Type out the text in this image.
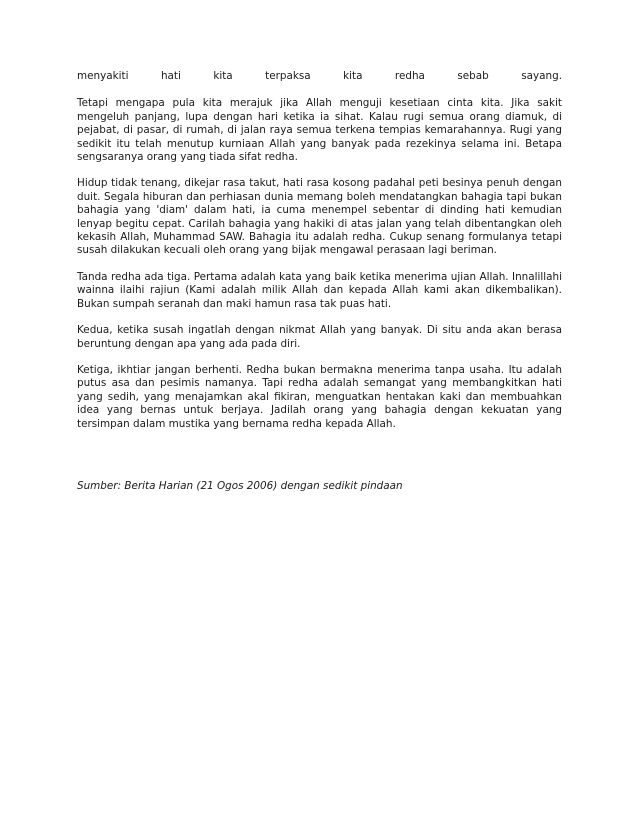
menyakiti hati kita terpaksa kita redha sebab sayang.

Tetapi mengapa pula kita merajuk jika Allah menguji kesetiaan cinta kita. Jika sakit mengeluh panjang, lupa dengan hari ketika ia sihat. Kalau rugi semua orang diamuk, di pejabat, di pasar, di rumah, di jalan raya semua terkena tempias kemarahannya. Rugi yang sedikit itu telah menutup kurniaan Allah yang banyak pada rezekinya selama ini. Betapa sengsaranya orang yang tiada sifat redha.

Hidup tidak tenang, dikejar rasa takut, hati rasa kosong padahal peti besinya penuh dengan duit. Segala hiburan dan perhiasan dunia memang boleh mendatangkan bahagia tapi bukan bahagia yang 'diam' dalam hati, ia cuma menempel sebentar di dinding hati kemudian lenyap begitu cepat. Carilah bahagia yang hakiki di atas jalan yang telah dibentangkan oleh kekasih Allah, Muhammad SAW. Bahagia itu adalah redha. Cukup senang formulanya tetapi susah dilakukan kecuali oleh orang yang bijak mengawal perasaan lagi beriman.

Tanda redha ada tiga. Pertama adalah kata yang baik ketika menerima ujian Allah. Innalillahi wainna ilaihi rajiun (Kami adalah milik Allah dan kepada Allah kami akan dikembalikan). Bukan sumpah seranah dan maki hamun rasa tak puas hati.

Kedua, ketika susah ingatlah dengan nikmat Allah yang banyak. Di situ anda akan berasa beruntung dengan apa yang ada pada diri.

Ketiga, ikhtiar jangan berhenti. Redha bukan bermakna menerima tanpa usaha. Itu adalah putus asa dan pesimis namanya. Tapi redha adalah semangat yang membangkitkan hati yang sedih, yang menajamkan akal fikiran, menguatkan hentakan kaki dan membuahkan idea yang bernas untuk berjaya. Jadilah orang yang bahagia dengan kekuatan yang tersimpan dalam mustika yang bernama redha kepada Allah.

Sumber: Berita Harian (21 Ogos 2006) dengan sedikit pindaan
